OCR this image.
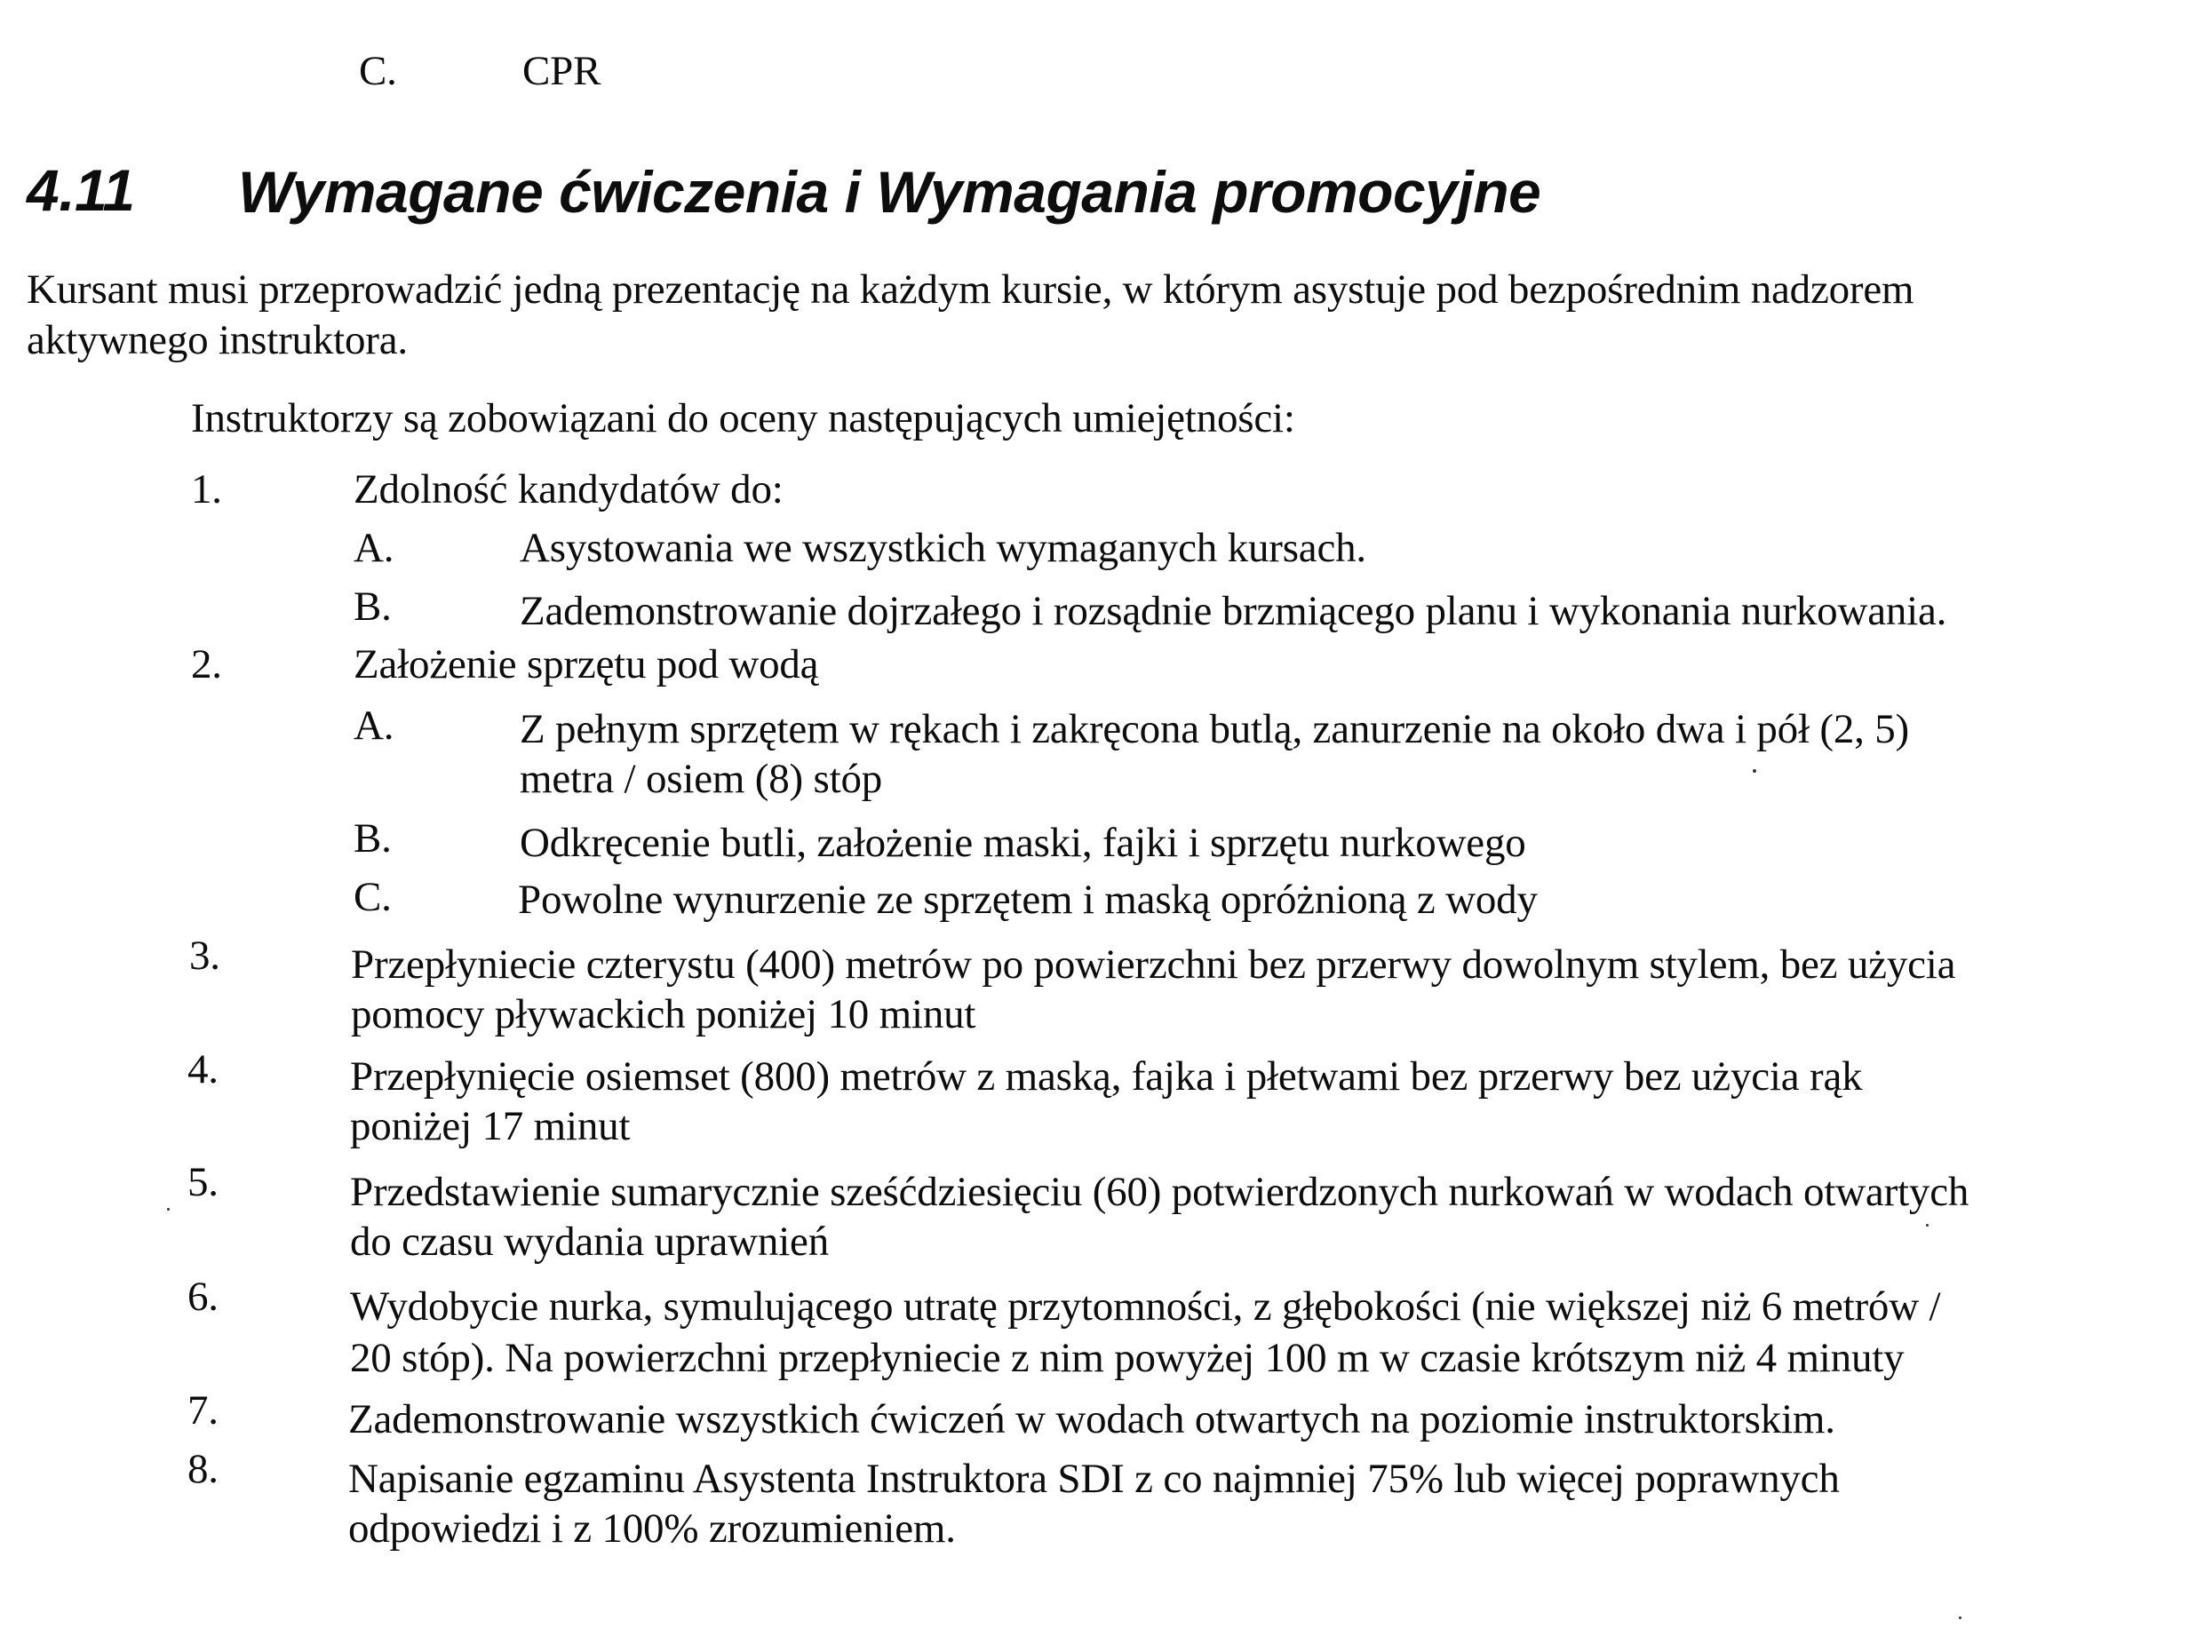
C.	CPR
4.11 Wymagane ćwiczenia i Wymagania promocyjne
Kursant musi przeprowadzić jedną prezentację na każdym kursie, w którym asystuje pod bezpośrednim nadzorem
aktywnego instruktora.
Instruktorzy są zobowiązani do oceny następujących umiejętności:
1.	Zdolność kandydatów do:
A.	Asystowania we wszystkich wymaganych kursach.
B.	Zademonstrowanie dojrzałego i rozsądnie brzmiącego planu i wykonania nurkowania.
2.	Założenie sprzętu pod wodą
A.	Z pełnym sprzętem w rękach i zakręcona butlą, zanurzenie na około dwa i pół (2, 5)
metra / osiem (8) stóp
B.	Odkręcenie butli, założenie maski, fajki i sprzętu nurkowego
C.	Powolne wynurzenie ze sprzętem i maską opróżnioną z wody
3.	Przepłyniecie czterystu (400) metrów po powierzchni bez przerwy dowolnym stylem, bez użycia
pomocy pływackich poniżej 10 minut
4.	Przepłynięcie osiemset (800) metrów z maską, fajka i płetwami bez przerwy bez użycia rąk
poniżej 17 minut
5.	Przedstawienie sumarycznie sześćdziesięciu (60) potwierdzonych nurkowań w wodach otwartych
do czasu wydania uprawnień
6.	Wydobycie nurka, symulującego utratę przytomności, z głębokości (nie większej niż 6 metrów /
20 stóp). Na powierzchni przepłyniecie z nim powyżej 100 m w czasie krótszym niż 4 minuty
7.	Zademonstrowanie wszystkich ćwiczeń w wodach otwartych na poziomie instruktorskim.
8.	Napisanie egzaminu Asystenta Instruktora SDI z co najmniej 75% lub więcej poprawnych
odpowiedzi i z 100% zrozumieniem.
